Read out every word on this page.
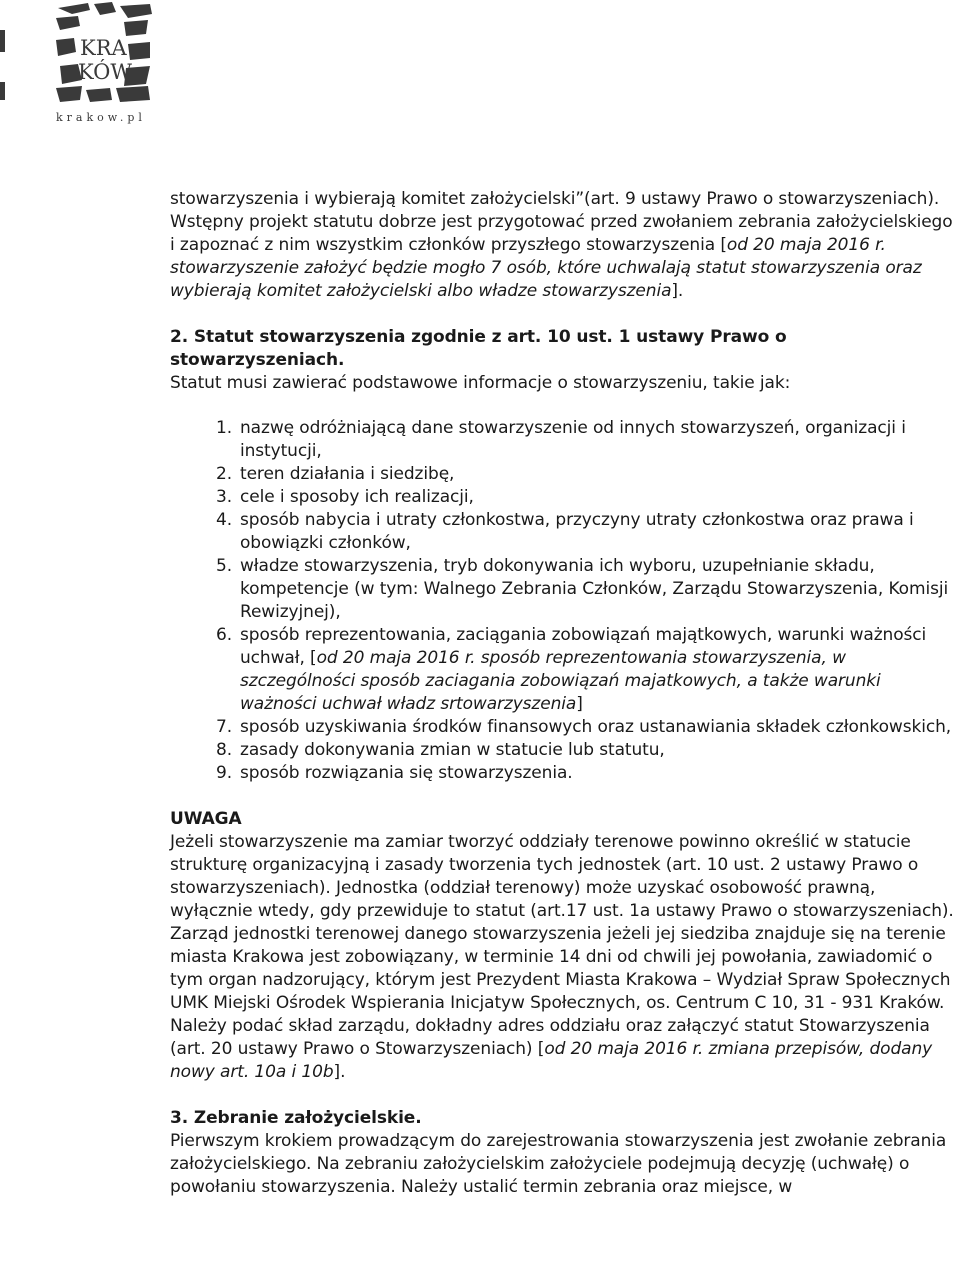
KRA
KÓW
krakow.pl

stowarzyszenia i wybierają komitet założycielski”(art. 9 ustawy Prawo o stowarzyszeniach). Wstępny projekt statutu dobrze jest przygotować przed zwołaniem zebrania założycielskiego i zapoznać z nim wszystkim członków przyszłego stowarzyszenia [od 20 maja 2016 r. stowarzyszenie założyć będzie mogło 7 osób, które uchwalają statut stowarzyszenia oraz wybierają komitet założycielski albo władze stowarzyszenia].

2. Statut stowarzyszenia zgodnie z art. 10 ust. 1 ustawy Prawo o stowarzyszeniach.

Statut musi zawierać podstawowe informacje o stowarzyszeniu, takie jak:

1. nazwę odróżniającą dane stowarzyszenie od innych stowarzyszeń, organizacji i instytucji,
2. teren działania i siedzibę,
3. cele i sposoby ich realizacji,
4. sposób nabycia i utraty członkostwa, przyczyny utraty członkostwa oraz prawa i obowiązki członków,
5. władze stowarzyszenia, tryb dokonywania ich wyboru, uzupełnianie składu, kompetencje (w tym: Walnego Zebrania Członków, Zarządu Stowarzyszenia, Komisji Rewizyjnej),
6. sposób reprezentowania, zaciągania zobowiązań majątkowych, warunki ważności uchwał, [od 20 maja 2016 r. sposób reprezentowania stowarzyszenia, w szczególności sposób zaciagania zobowiązań majatkowych, a także warunki ważności uchwał władz srtowarzyszenia]
7. sposób uzyskiwania środków finansowych oraz ustanawiania składek członkowskich,
8. zasady dokonywania zmian w statucie lub statutu,
9. sposób rozwiązania się stowarzyszenia.

UWAGA

Jeżeli stowarzyszenie ma zamiar tworzyć oddziały terenowe powinno określić w statucie strukturę organizacyjną i zasady tworzenia tych jednostek (art. 10 ust. 2 ustawy Prawo o stowarzyszeniach). Jednostka (oddział terenowy) może uzyskać osobowość prawną, wyłącznie wtedy, gdy przewiduje to statut (art.17 ust. 1a ustawy Prawo o stowarzyszeniach). Zarząd jednostki terenowej danego stowarzyszenia jeżeli jej siedziba znajduje się na terenie miasta Krakowa jest zobowiązany, w terminie 14 dni od chwili jej powołania, zawiadomić o tym organ nadzorujący, którym jest Prezydent Miasta Krakowa – Wydział Spraw Społecznych UMK Miejski Ośrodek Wspierania Inicjatyw Społecznych, os. Centrum C 10, 31 - 931 Kraków.

Należy podać skład zarządu, dokładny adres oddziału oraz załączyć statut Stowarzyszenia (art. 20 ustawy Prawo o Stowarzyszeniach) [od 20 maja 2016 r. zmiana przepisów, dodany nowy art. 10a i 10b].

3. Zebranie założycielskie.

Pierwszym krokiem prowadzącym do zarejestrowania stowarzyszenia jest zwołanie zebrania założycielskiego. Na zebraniu założycielskim założyciele podejmują decyzję (uchwałę) o powołaniu stowarzyszenia. Należy ustalić termin zebrania oraz miejsce, w
